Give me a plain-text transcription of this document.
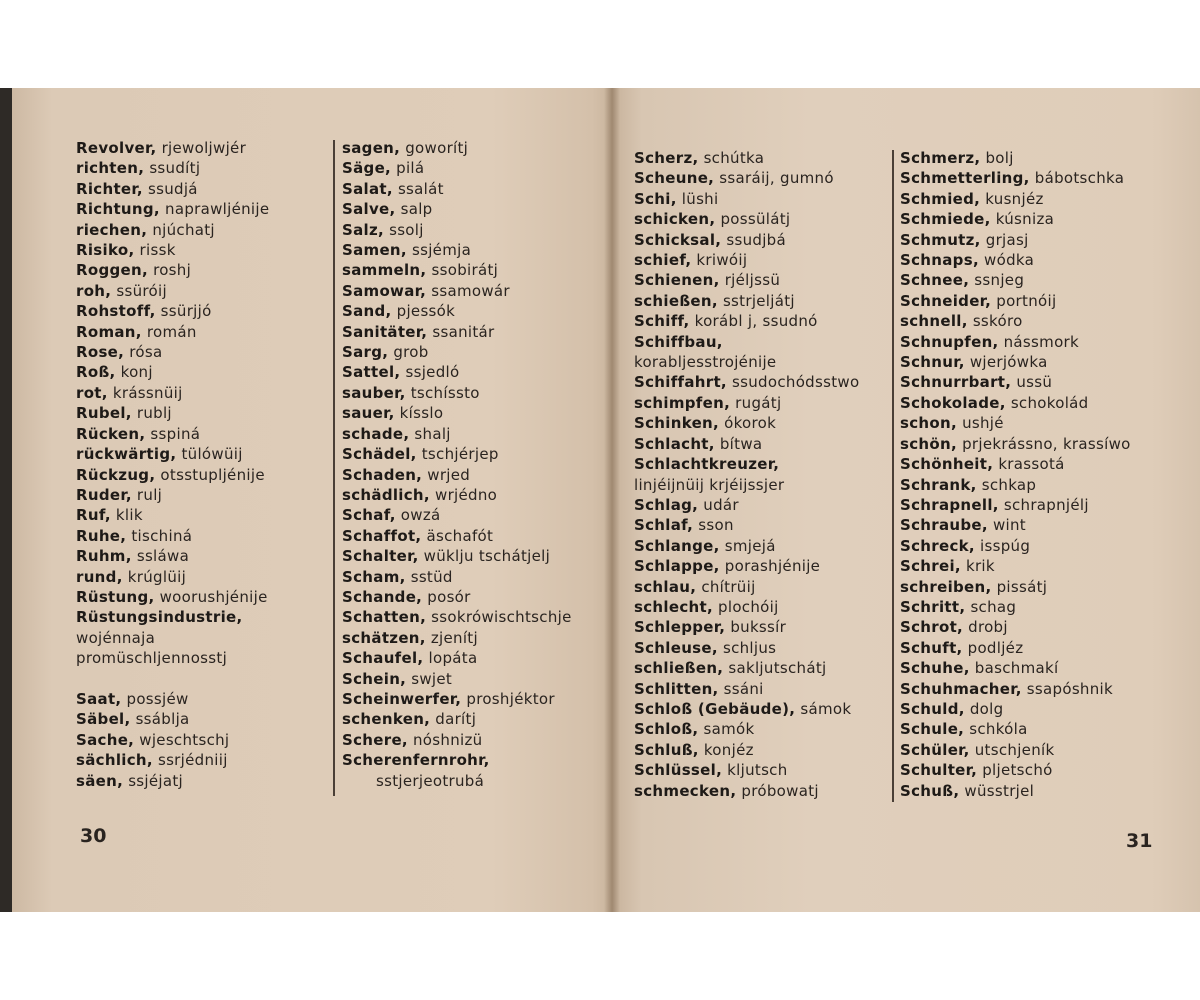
Revolver, rjewoljwjér
richten, ssudítj
Richter, ssudjá
Richtung, naprawljénije
riechen, njúchatj
Risiko, rissk
Roggen, roshj
roh, ssüróij
Rohstoff, ssürjjó
Roman, román
Rose, rósa
Roß, konj
rot, krássnüij
Rubel, rublj
Rücken, sspiná
rückwärtig, tülówüij
Rückzug, otsstupljénije
Ruder, rulj
Ruf, klik
Ruhe, tischiná
Ruhm, ssláwa
rund, krúglüij
Rüstung, woorushjénije
Rüstungsindustrie,
wojénnaja
promüschljennosstj
Saat, possjéw
Säbel, ssáblja
Sache, wjeschtschj
sächlich, ssrjédniij
säen, ssjéjatj
sagen, goworítj
Säge, pilá
Salat, ssalát
Salve, salp
Salz, ssolj
Samen, ssjémja
sammeln, ssobirátj
Samowar, ssamowár
Sand, pjessók
Sanitäter, ssanitár
Sarg, grob
Sattel, ssjedló
sauber, tschíssto
sauer, kísslo
schade, shalj
Schädel, tschjérjep
Schaden, wrjed
schädlich, wrjédno
Schaf, owzá
Schaffot, äschafót
Schalter, wüklju tschátjelj
Scham, sstüd
Schande, posór
Schatten, ssokrówischtschje
schätzen, zjenítj
Schaufel, lopáta
Schein, swjet
Scheinwerfer, proshjéktor
schenken, darítj
Schere, nóshnizü
Scherenfernrohr,
sstjerjeotrubá
Scherz, schútka
Scheune, ssaráij, gumnó
Schi, lüshi
schicken, possülátj
Schicksal, ssudjbá
schief, kriwóij
Schienen, rjéljssü
schießen, sstrjeljátj
Schiff, korábl j, ssudnó
Schiffbau,
korabljesstrojénije
Schiffahrt, ssudochódsstwo
schimpfen, rugátj
Schinken, ókorok
Schlacht, bítwa
Schlachtkreuzer,
linjéijnüij krjéijssjer
Schlag, udár
Schlaf, sson
Schlange, smjejá
Schlappe, porashjénije
schlau, chítrüij
schlecht, plochóij
Schlepper, bukssír
Schleuse, schljus
schließen, sakljutschátj
Schlitten, ssáni
Schloß (Gebäude), sámok
Schloß, samók
Schluß, konjéz
Schlüssel, kljutsch
schmecken, próbowatj
Schmerz, bolj
Schmetterling, bábotschka
Schmied, kusnjéz
Schmiede, kúsniza
Schmutz, grjasj
Schnaps, wódka
Schnee, ssnjeg
Schneider, portnóij
schnell, sskóro
Schnupfen, nássmork
Schnur, wjerjówka
Schnurrbart, ussü
Schokolade, schokolád
schon, ushjé
schön, prjekrássno, krassíwo
Schönheit, krassotá
Schrank, schkap
Schrapnell, schrapnjélj
Schraube, wint
Schreck, isspúg
Schrei, krik
schreiben, pissátj
Schritt, schag
Schrot, drobj
Schuft, podljéz
Schuhe, baschmakí
Schuhmacher, ssapóshnik
Schuld, dolg
Schule, schkóla
Schüler, utschjeník
Schulter, pljetschó
Schuß, wüsstrjel
30	31
